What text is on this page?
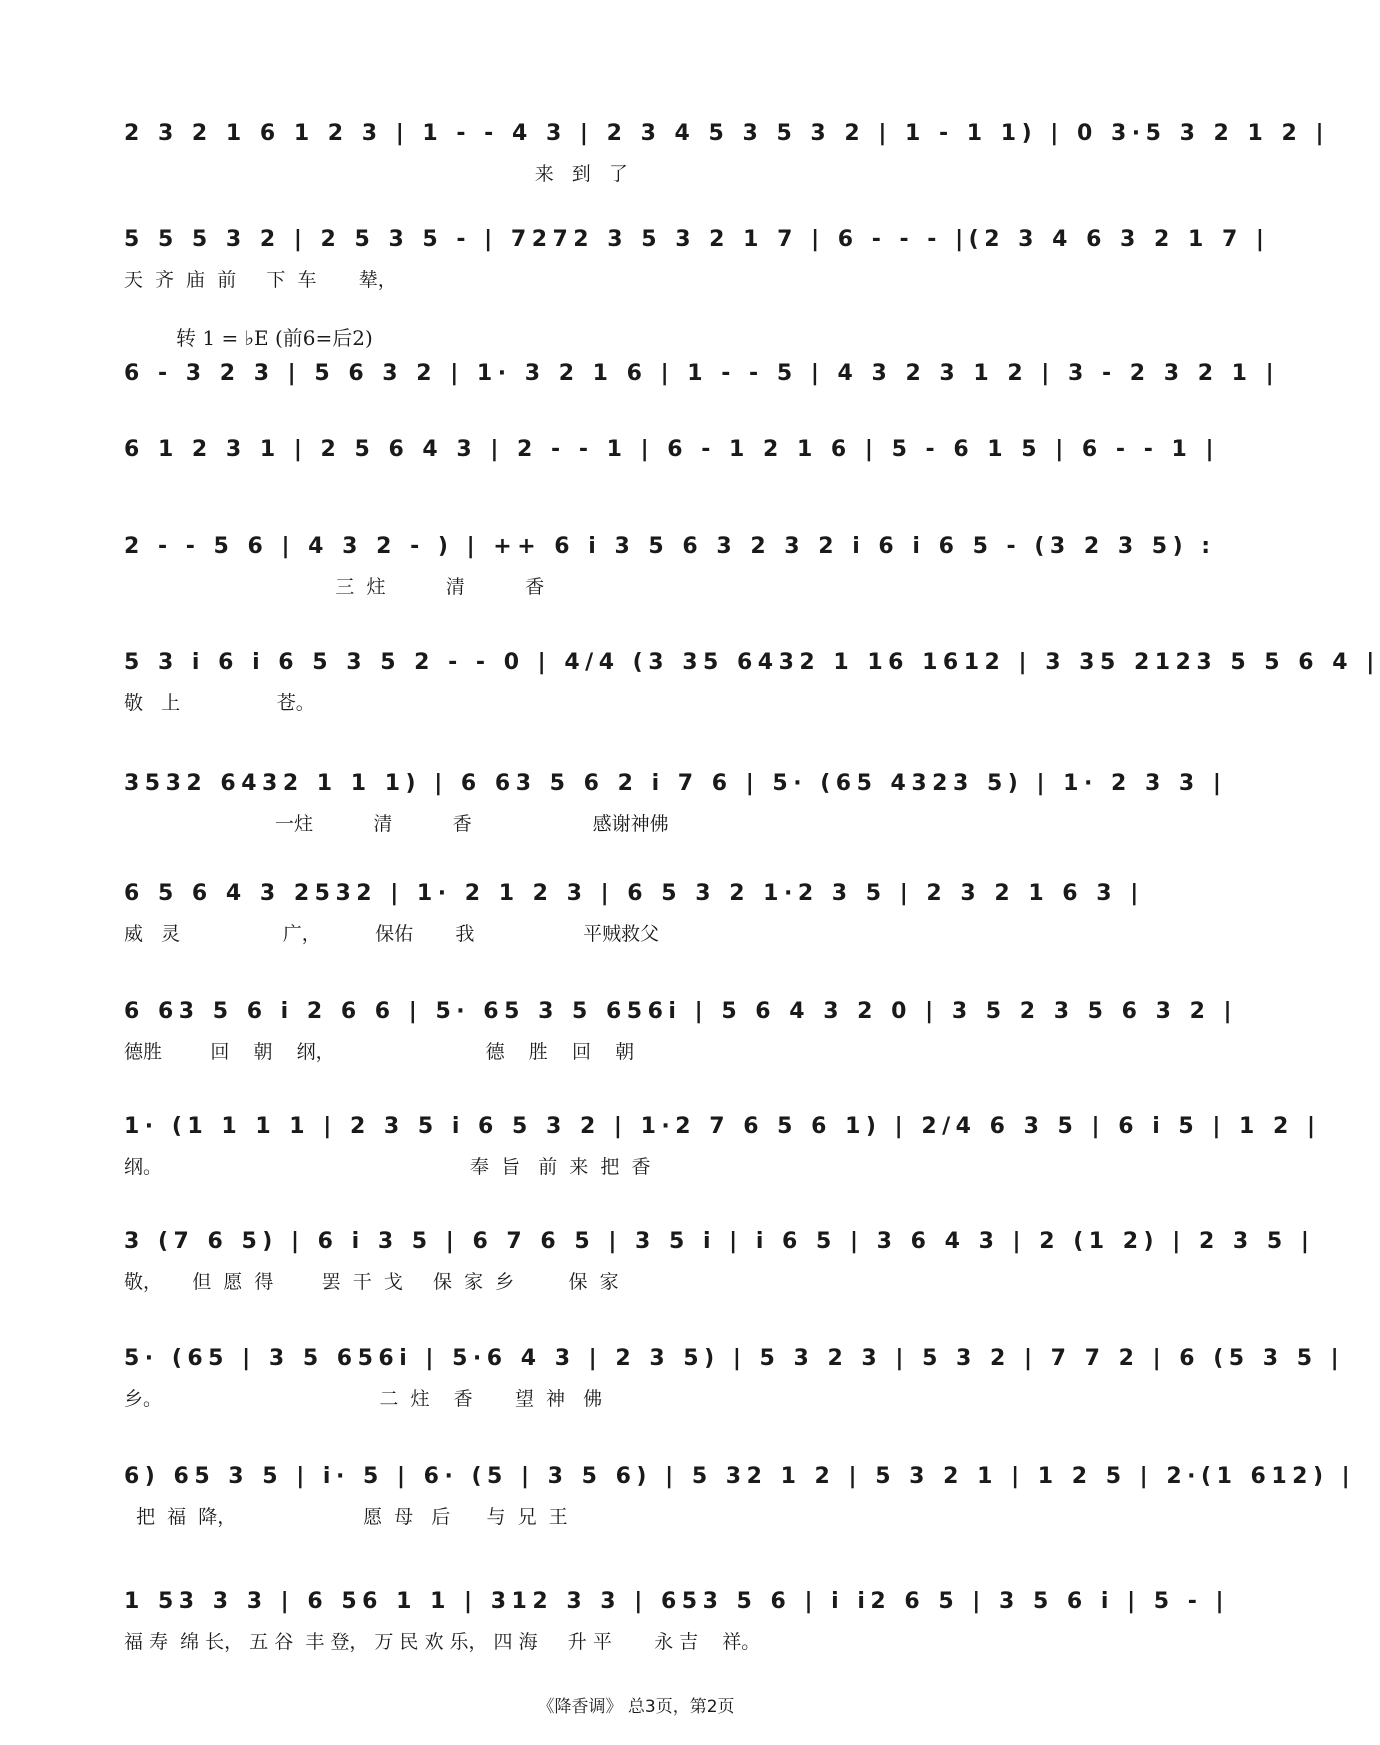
2 3 2 1 6 1 2 3 | 1 - - 4 3 | 2 3 4 5 3 5 3 2 | 1 - 1 1) | 0 3·5 3 2 1 2 |
来   到   了
5 5 5 3 2 | 2 5 3 5 - | 7272 3 5 3 2 1 7 | 6 - - - |(2 3 4 6 3 2 1 7 |
天  齐  庙  前     下  车       辇，
转 1 = ♭E (前6=后2)
6 - 3 2 3 | 5 6 3 2 | 1· 3 2 1 6 | 1 - - 5 | 4 3 2 3 1 2 | 3 - 2 3 2 1 |
6 1 2 3 1 | 2 5 6 4 3 | 2 - - 1 | 6 - 1 2 1 6 | 5 - 6 1 5 | 6 - - 1 |
2 - - 5 6 | 4 3 2 - ) | ++ 6 i 3 5 6 3 2 3 2 i 6 i 6 5 - (3 2 3 5) :
三  炷          清          香
5 3 i 6 i 6 5 3 5 2 - - 0 | 4/4 (3 35 6432 1 16 1612 | 3 35 2123 5 5 6 4 |
敬   上                苍。
3532 6432 1 1 1) | 6 63 5 6 2 i 7 6 | 5· (65 4323 5) | 1· 2 3 3 |
一炷          清          香                    感谢神佛
6 5 6 4 3 2532 | 1· 2 1 2 3 | 6 5 3 2 1·2 3 5 | 2 3 2 1 6 3 |
威   灵                 广，         保佑       我                  平贼救父
6 63 5 6 i 2 6 6 | 5· 65 3 5 656i | 5 6 4 3 2 0 | 3 5 2 3 5 6 3 2 |
德胜        回    朝    纲，                         德    胜    回    朝
1· (1 1 1 1 | 2 3 5 i 6 5 3 2 | 1·2 7 6 5 6 1) | 2/4 6 3 5 | 6 i 5 | 1 2 |
纲。                                                   奉  旨   前  来  把  香
3 (7 6 5) | 6 i 3 5 | 6 7 6 5 | 3 5 i | i 6 5 | 3 6 4 3 | 2 (1 2) | 2 3 5 |
敬，     但  愿  得        罢  干  戈     保  家  乡         保  家
5· (65 | 3 5 656i | 5·6 4 3 | 2 3 5) | 5 3 2 3 | 5 3 2 | 7 7 2 | 6 (5 3 5 |
乡。                                    二  炷    香       望  神   佛
6) 65 3 5 | i· 5 | 6· (5 | 3 5 6) | 5 32 1 2 | 5 3 2 1 | 1 2 5 | 2·(1 612) |
把  福  降，                     愿  母   后      与  兄  王
1 53 3 3 | 6 56 1 1 | 312 3 3 | 653 5 6 | i i2 6 5 | 3 5 6 i | 5 - |
福 寿  绵 长， 五 谷  丰 登， 万 民 欢 乐， 四 海     升 平       永 吉    祥。
《降香调》 总3页，第2页
